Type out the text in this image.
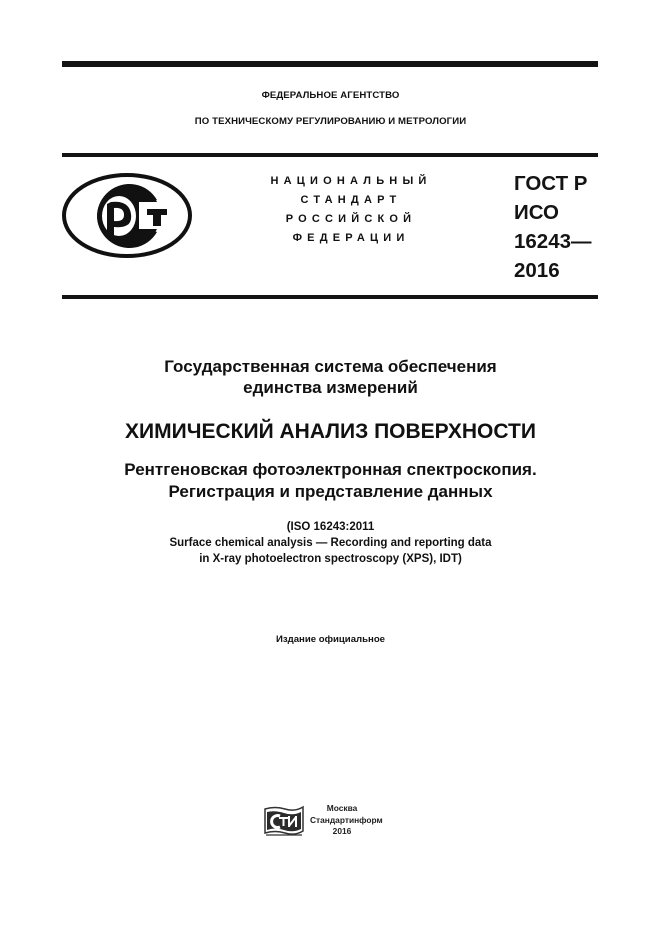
ФЕДЕРАЛЬНОЕ АГЕНТСТВО
ПО ТЕХНИЧЕСКОМУ РЕГУЛИРОВАНИЮ И МЕТРОЛОГИИ
НАЦИОНАЛЬНЫЙ
СТАНДАРТ
РОССИЙСКОЙ
ФЕДЕРАЦИИ
ГОСТ Р
ИСО
16243—
2016
Государственная система обеспечения
единства измерений
ХИМИЧЕСКИЙ АНАЛИЗ ПОВЕРХНОСТИ
Рентгеновская фотоэлектронная спектроскопия.
Регистрация и представление данных
(ISO 16243:2011
Surface chemical analysis — Recording and reporting data
in X-ray photoelectron spectroscopy (XPS), IDT)
Издание официальное
Москва
Стандартинформ
2016
